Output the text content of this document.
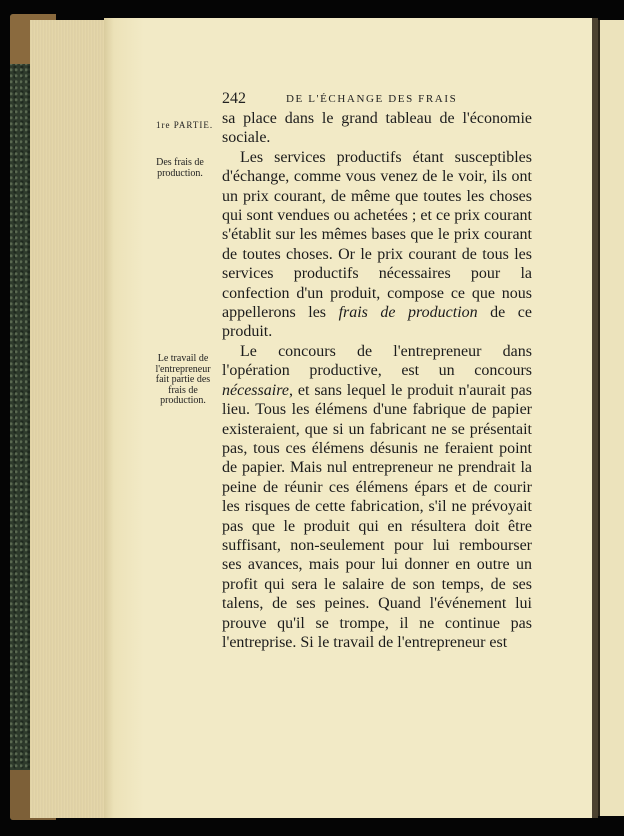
242	DE L'ÉCHANGE DES FRAIS
1re PARTIE.
Des frais de production.
Le travail de l'entrepreneur fait partie des frais de production.

sa place dans le grand tableau de l'économie sociale.

Les services productifs étant susceptibles d'échange, comme vous venez de le voir, ils ont un prix courant, de même que toutes les choses qui sont vendues ou achetées ; et ce prix courant s'établit sur les mêmes bases que le prix courant de toutes choses. Or le prix courant de tous les services productifs nécessaires pour la confection d'un produit, compose ce que nous appellerons les frais de production de ce produit.

Le concours de l'entrepreneur dans l'opération productive, est un concours nécessaire, et sans lequel le produit n'aurait pas lieu. Tous les élémens d'une fabrique de papier existeraient, que si un fabricant ne se présentait pas, tous ces élémens désunis ne feraient point de papier. Mais nul entrepreneur ne prendrait la peine de réunir ces élémens épars et de courir les risques de cette fabrication, s'il ne prévoyait pas que le produit qui en résultera doit être suffisant, non-seulement pour lui rembourser ses avances, mais pour lui donner en outre un profit qui sera le salaire de son temps, de ses talens, de ses peines. Quand l'événement lui prouve qu'il se trompe, il ne continue pas l'entreprise. Si le travail de l'entrepreneur est
